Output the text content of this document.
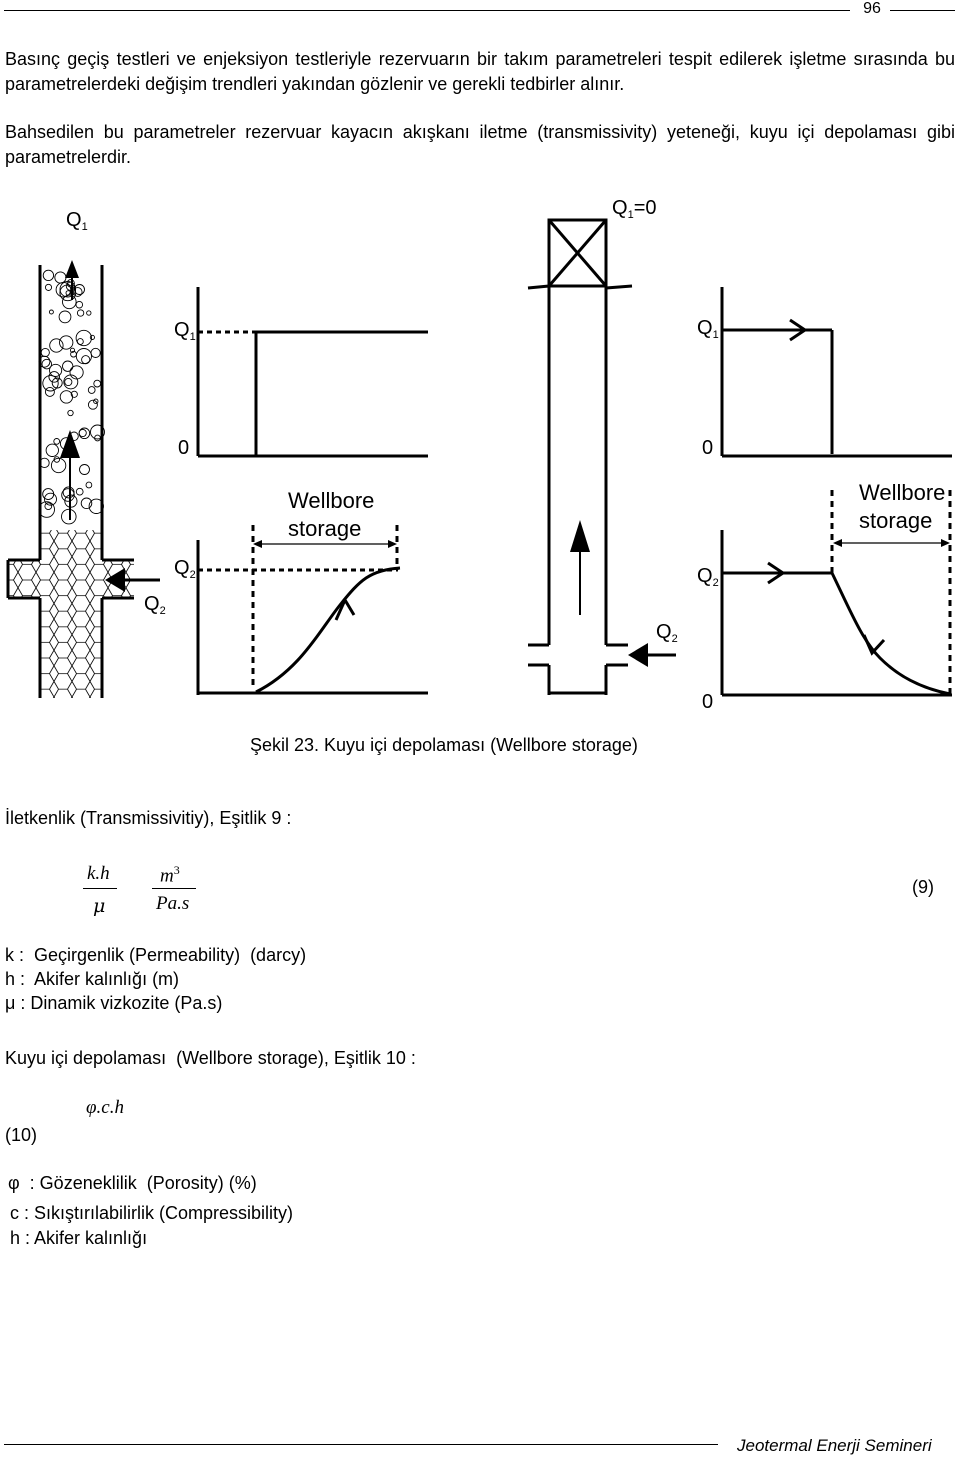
96
Basınç geçiş testleri ve enjeksiyon testleriyle rezervuarın bir takım parametreleri tespit edilerek işletme sırasında bu parametrelerdeki değişim trendleri yakından gözlenir ve gerekli tedbirler alınır.
Bahsedilen bu parametreler rezervuar kayacın akışkanı iletme (transmissivity) yeteneği, kuyu içi depolaması gibi parametrelerdir.
$Q_1$
$Q_2$
$Q_1$
0
Wellbore
storage
$Q_2$
$Q_1=0$
$Q_2$
$Q_1$
0
Wellbore
storage
$Q_2$
0
Şekil 23. Kuyu içi depolaması (Wellbore storage)
İletkenlik (Transmissivitiy), Eşitlik 9 :
k.h
μ
$m^3$
Pa.s
(9)
k :  Geçirgenlik (Permeability)  (darcy)
h :  Akifer kalınlığı (m)
μ : Dinamik vizkozite (Pa.s)
Kuyu içi depolaması  (Wellbore storage), Eşitlik 10 :
φ.c.h
(10)
φ  : Gözeneklilik  (Porosity) (%)
c : Sıkıştırılabilirlik (Compressibility)
h : Akifer kalınlığı
Jeotermal Enerji Semineri
